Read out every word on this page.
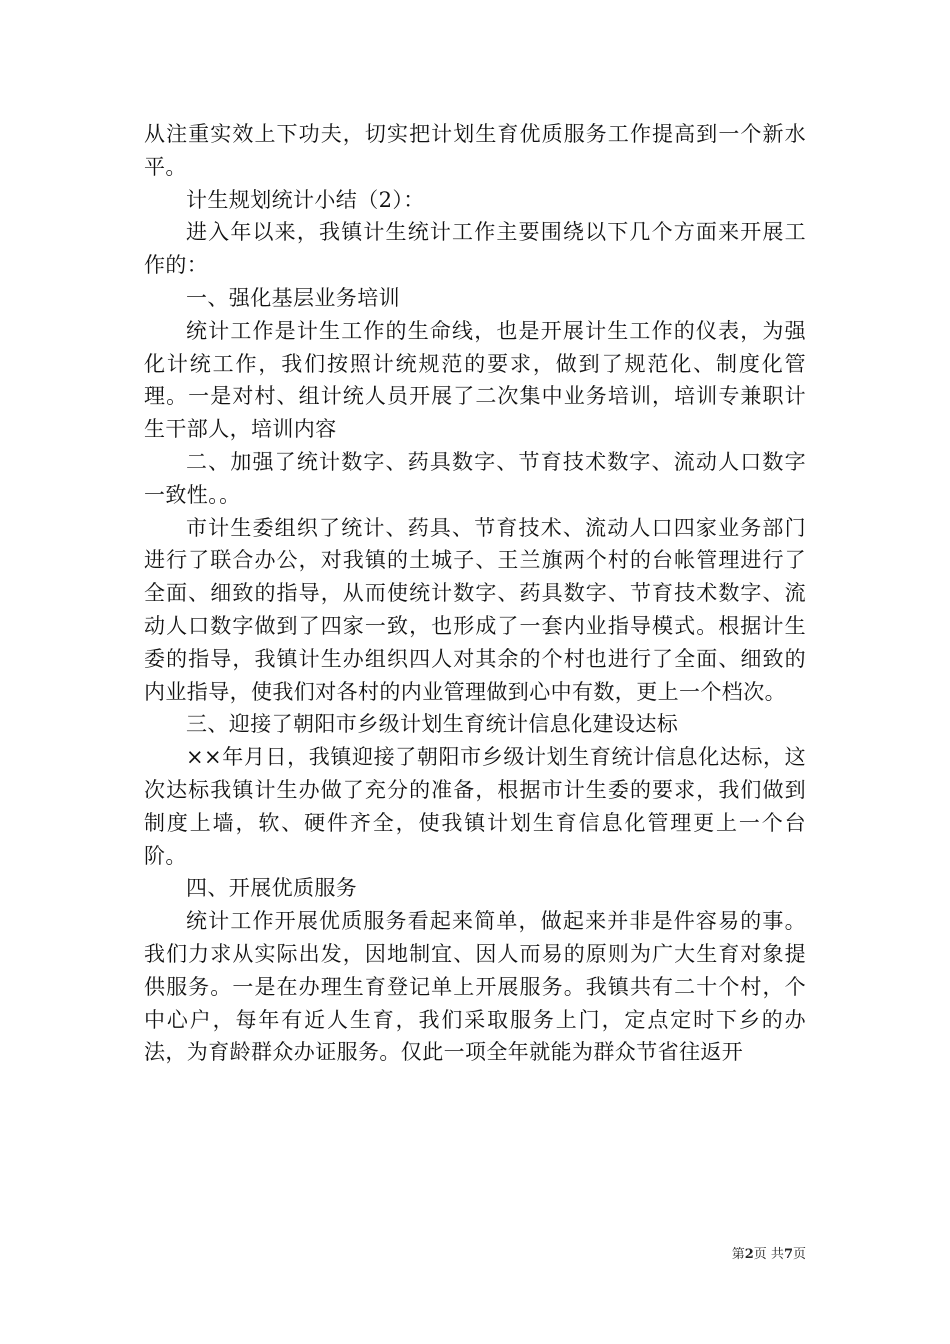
从注重实效上下功夫，切实把计划生育优质服务工作提高到一个新水平。

计生规划统计小结（2）：

进入年以来，我镇计生统计工作主要围绕以下几个方面来开展工作的：

一、强化基层业务培训

统计工作是计生工作的生命线，也是开展计生工作的仪表，为强化计统工作，我们按照计统规范的要求，做到了规范化、制度化管理。一是对村、组计统人员开展了二次集中业务培训，培训专兼职计生干部人，培训内容

二、加强了统计数字、药具数字、节育技术数字、流动人口数字一致性。。

市计生委组织了统计、药具、节育技术、流动人口四家业务部门进行了联合办公，对我镇的土城子、王兰旗两个村的台帐管理进行了全面、细致的指导，从而使统计数字、药具数字、节育技术数字、流动人口数字做到了四家一致，也形成了一套内业指导模式。根据计生委的指导，我镇计生办组织四人对其余的个村也进行了全面、细致的内业指导，使我们对各村的内业管理做到心中有数，更上一个档次。

三、迎接了朝阳市乡级计划生育统计信息化建设达标

××年月日，我镇迎接了朝阳市乡级计划生育统计信息化达标，这次达标我镇计生办做了充分的准备，根据市计生委的要求，我们做到制度上墙，软、硬件齐全，使我镇计划生育信息化管理更上一个台阶。

四、开展优质服务

统计工作开展优质服务看起来简单，做起来并非是件容易的事。我们力求从实际出发，因地制宜、因人而易的原则为广大生育对象提供服务。一是在办理生育登记单上开展服务。我镇共有二十个村，个中心户，每年有近人生育，我们采取服务上门，定点定时下乡的办法，为育龄群众办证服务。仅此一项全年就能为群众节省往返开

第2页 共7页
